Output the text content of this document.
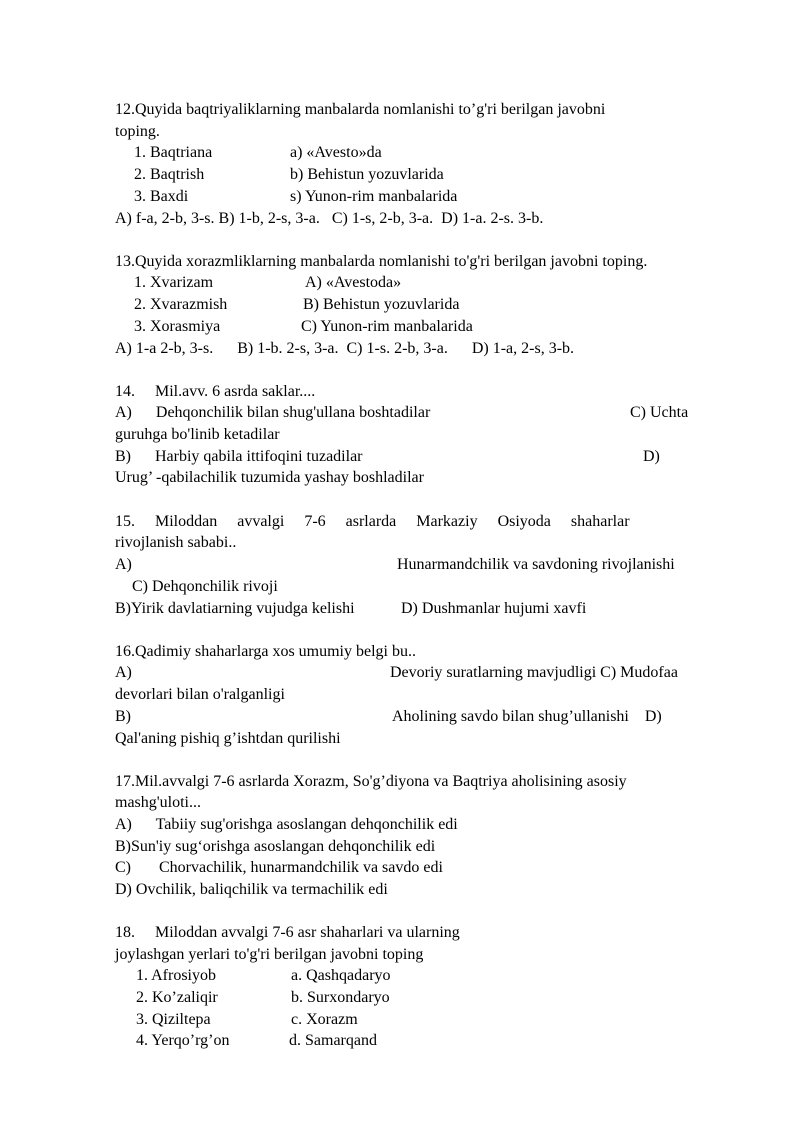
12.Quyida baqtriyaliklarning manbalarda nomlanishi to’g'ri berilgan javobni
toping.
1. Baqtriana	a) «Avesto»da
2. Baqtrish	b) Behistun yozuvlarida
3. Baxdi	s) Yunon-rim manbalarida
A) f-a, 2-b, 3-s. B) 1-b, 2-s, 3-a.   C) 1-s, 2-b, 3-a.  D) 1-a. 2-s. 3-b.
13.Quyida xorazmliklarning manbalarda nomlanishi to'g'ri berilgan javobni toping.
1. Xvarizam	A) «Avestoda»
2. Xvarazmish	B) Behistun yozuvlarida
3. Xorasmiya	C) Yunon-rim manbalarida
A) 1-a 2-b, 3-s.      B) 1-b. 2-s, 3-a.  C) 1-s. 2-b, 3-a.      D) 1-a, 2-s, 3-b.
14.     Mil.avv. 6 asrda saklar....
A)      Dehqonchilik bilan shug'ullana boshtadilar	C) Uchta
guruhga bo'linib ketadilar
B)      Harbiy qabila ittifoqini tuzadilar	D)
Urug’ -qabilachilik tuzumida yashay boshladilar
15.     Miloddan     avvalgi     7-6     asrlarda     Markaziy     Osiyoda     shaharlar
rivojlanish sababi..
A)	Hunarmandchilik va savdoning rivojlanishi
C) Dehqonchilik rivoji
B)Yirik davlatiarning vujudga kelishi	D) Dushmanlar hujumi xavfi
16.Qadimiy shaharlarga xos umumiy belgi bu..
A)	Devoriy suratlarning mavjudligi C) Mudofaa
devorlari bilan o'ralganligi
B)	Aholining savdo bilan shug’ullanishi    D)
Qal'aning pishiq g’ishtdan qurilishi
17.Mil.avvalgi 7-6 asrlarda Xorazm, So'g’diyona va Baqtriya aholisining asosiy
mashg'uloti...
A)      Tabiiy sug'orishga asoslangan dehqonchilik edi
B)Sun'iy sug‘orishga asoslangan dehqonchilik edi
C)       Chorvachilik, hunarmandchilik va savdo edi
D) Ovchilik, baliqchilik va termachilik edi
18.     Miloddan avvalgi 7-6 asr shaharlari va ularning
joylashgan yerlari to'g'ri berilgan javobni toping
1. Afrosiyob	a. Qashqadaryo
2. Ko’zaliqir	b. Surxondaryo
3. Qiziltepa	c. Xorazm
4. Yerqo’rg’on	d. Samarqand
